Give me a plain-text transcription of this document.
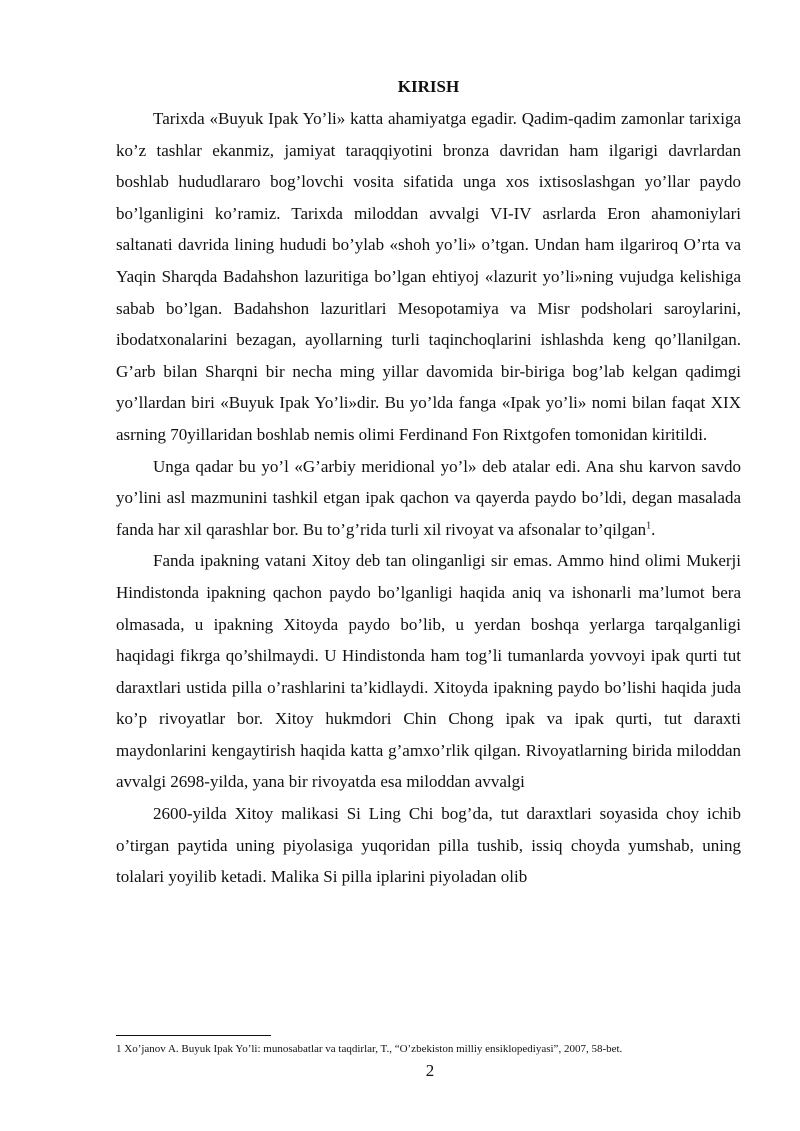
KIRISH

Tarixda «Buyuk Ipak Yo’li» katta ahamiyatga egadir. Qadim-qadim zamonlar tarixiga ko’z tashlar ekanmiz, jamiyat taraqqiyotini bronza davridan ham ilgarigi davrlardan boshlab hududlararo bog’lovchi vosita sifatida unga xos ixtisoslashgan yo’llar paydo bo’lganligini ko’ramiz. Tarixda miloddan avvalgi VI-IV asrlarda Eron ahamoniylari saltanati davrida lining hududi bo’ylab «shoh yo’li» o’tgan. Undan ham ilgariroq O’rta va Yaqin Sharqda Badahshon lazuritiga bo’lgan ehtiyoj «lazurit yo’li»ning vujudga kelishiga sabab bo’lgan. Badahshon lazuritlari Mesopotamiya va Misr podsholari saroylarini, ibodatxonalarini bezagan, ayollarning turli taqinchoqlarini ishlashda keng qo’llanilgan. G’arb bilan Sharqni bir necha ming yillar davomida bir-biriga bog’lab kelgan qadimgi yo’llardan biri «Buyuk Ipak Yo’li»dir. Bu yo’lda fanga «Ipak yo’li» nomi bilan faqat XIX asrning 70yillaridan boshlab nemis olimi Ferdinand Fon Rixtgofen tomonidan kiritildi.

Unga qadar bu yo’l «G’arbiy meridional yo’l» deb atalar edi. Ana shu karvon savdo yo’lini asl mazmunini tashkil etgan ipak qachon va qayerda paydo bo’ldi, degan masalada fanda har xil qarashlar bor. Bu to’g’rida turli xil rivoyat va afsonalar to’qilgan$^1$.

Fanda ipakning vatani Xitoy deb tan olinganligi sir emas. Ammo hind olimi Mukerji Hindistonda ipakning qachon paydo bo’lganligi haqida aniq va ishonarli ma’lumot bera olmasada, u ipakning Xitoyda paydo bo’lib, u yerdan boshqa yerlarga tarqalganligi haqidagi fikrga qo’shilmaydi. U Hindistonda ham tog’li tumanlarda yovvoyi ipak qurti tut daraxtlari ustida pilla o’rashlarini ta’kidlaydi. Xitoyda ipakning paydo bo’lishi haqida juda ko’p rivoyatlar bor. Xitoy hukmdori Chin Chong ipak va ipak qurti, tut daraxti maydonlarini kengaytirish haqida katta g’amxo’rlik qilgan. Rivoyatlarning birida miloddan avvalgi 2698-yilda, yana bir rivoyatda esa miloddan avvalgi

2600-yilda Xitoy malikasi Si Ling Chi bog’da, tut daraxtlari soyasida choy ichib o’tirgan paytida uning piyolasiga yuqoridan pilla tushib, issiq choyda yumshab, uning tolalari yoyilib ketadi. Malika Si pilla iplarini piyoladan olib

1 Xo’janov A. Buyuk Ipak Yo’li: munosabatlar va taqdirlar, T., “O’zbekiston milliy ensiklopediyasi”, 2007, 58-bet.
2
